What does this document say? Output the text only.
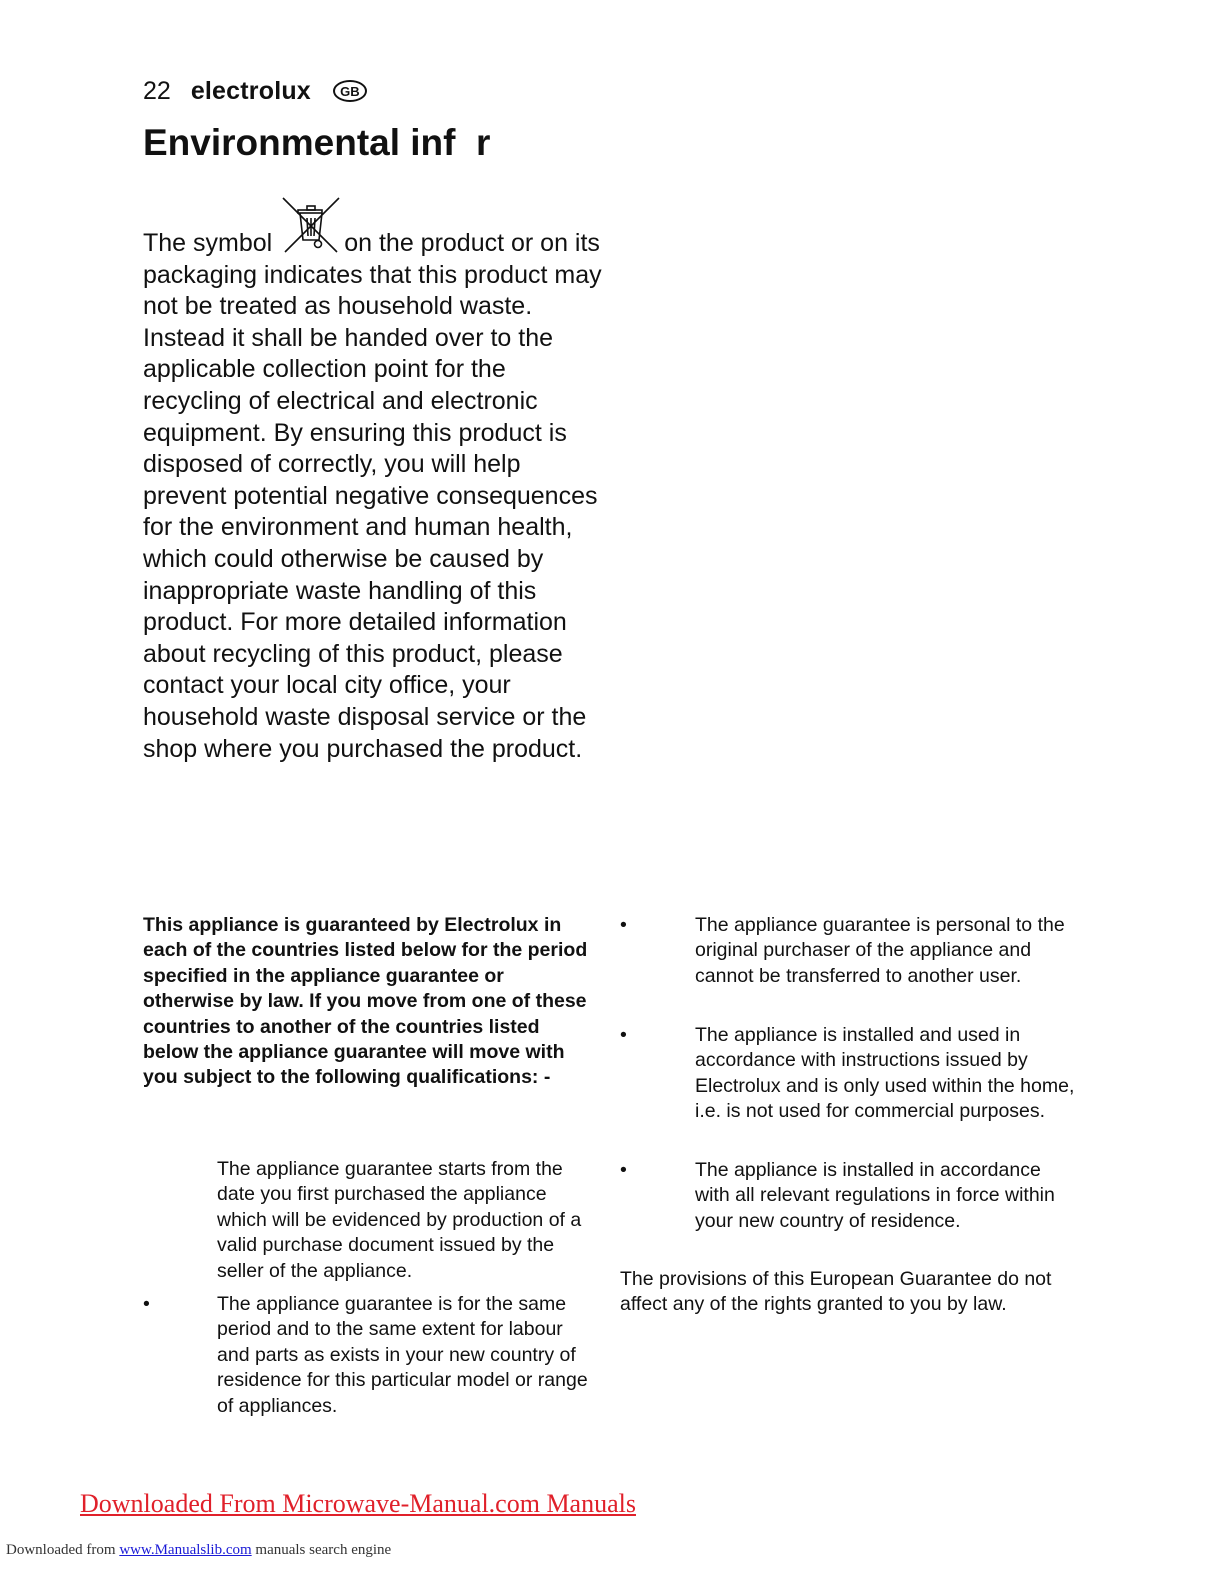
22 electrolux	GB
Environmental inf  r

The symbol	on the product or on its packaging indicates that this product may not be treated as household waste. Instead it shall be handed over to the applicable collection point for the recycling of electrical and electronic equipment. By ensuring this product is disposed of correctly, you will help prevent potential negative consequences for the environment and human health, which could otherwise be caused by inappropriate waste handling of this product. For more detailed information about recycling of this product, please contact your local city office, your household waste disposal service or the shop where you purchased the product.

This appliance is guaranteed by Electrolux in each of the countries listed below for the period specified in the appliance guarantee or otherwise by law. If you move from one of these countries to another of the countries listed below the appliance guarantee will move with you subject to the following qualifications: -

The appliance guarantee starts from the date you first purchased the appliance which will be evidenced by production of a valid purchase document issued by the seller of the appliance.

•	The appliance guarantee is for the same period and to the same extent for labour and parts as exists in your new country of residence for this particular model or range of appliances.

•	The appliance guarantee is personal to the original purchaser of the appliance and cannot be transferred to another user.

•	The appliance is installed and used in accordance with instructions issued by Electrolux and is only used within the home, i.e. is not used for commercial purposes.

•	The appliance is installed in accordance with all relevant regulations in force within your new country of residence.

The provisions of this European Guarantee do not affect any of the rights granted to you by law.

Downloaded From Microwave-Manual.com Manuals
Downloaded from www.Manualslib.com manuals search engine
